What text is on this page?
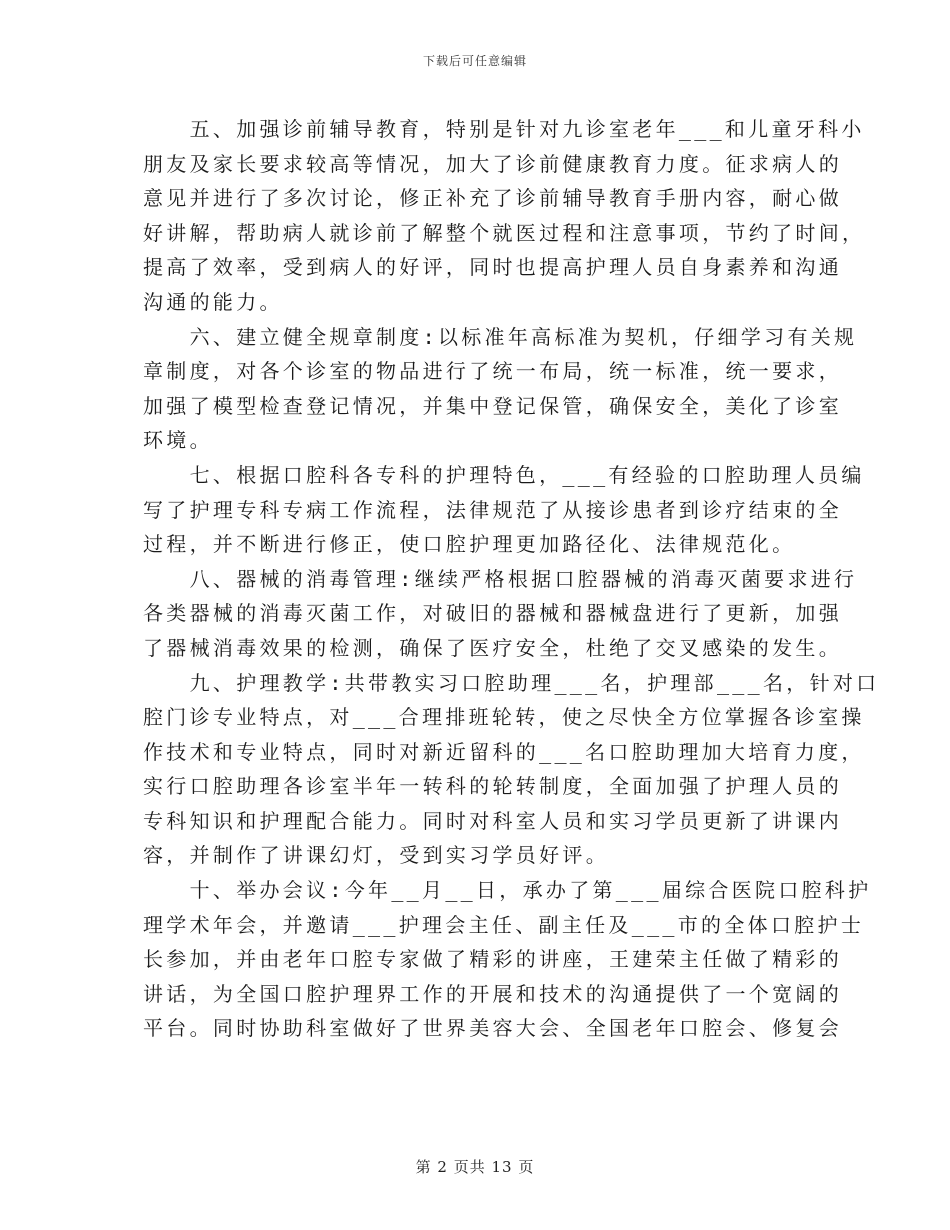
下载后可任意编辑

　　五、加强诊前辅导教育，特别是针对九诊室老年___和儿童牙科小
朋友及家长要求较高等情况，加大了诊前健康教育力度。征求病人的
意见并进行了多次讨论，修正补充了诊前辅导教育手册内容，耐心做
好讲解，帮助病人就诊前了解整个就医过程和注意事项，节约了时间，
提高了效率，受到病人的好评，同时也提高护理人员自身素养和沟通
沟通的能力。

　　六、建立健全规章制度:以标准年高标准为契机，仔细学习有关规
章制度，对各个诊室的物品进行了统一布局，统一标准，统一要求，
加强了模型检查登记情况，并集中登记保管，确保安全，美化了诊室
环境。

　　七、根据口腔科各专科的护理特色，___有经验的口腔助理人员编
写了护理专科专病工作流程，法律规范了从接诊患者到诊疗结束的全
过程，并不断进行修正，使口腔护理更加路径化、法律规范化。

　　八、器械的消毒管理:继续严格根据口腔器械的消毒灭菌要求进行
各类器械的消毒灭菌工作，对破旧的器械和器械盘进行了更新，加强
了器械消毒效果的检测，确保了医疗安全，杜绝了交叉感染的发生。

　　九、护理教学:共带教实习口腔助理___名，护理部___名，针对口
腔门诊专业特点，对___合理排班轮转，使之尽快全方位掌握各诊室操
作技术和专业特点，同时对新近留科的___名口腔助理加大培育力度，
实行口腔助理各诊室半年一转科的轮转制度，全面加强了护理人员的
专科知识和护理配合能力。同时对科室人员和实习学员更新了讲课内
容，并制作了讲课幻灯，受到实习学员好评。

　　十、举办会议:今年__月__日，承办了第___届综合医院口腔科护
理学术年会，并邀请___护理会主任、副主任及___市的全体口腔护士
长参加，并由老年口腔专家做了精彩的讲座，王建荣主任做了精彩的
讲话，为全国口腔护理界工作的开展和技术的沟通提供了一个宽阔的
平台。同时协助科室做好了世界美容大会、全国老年口腔会、修复会

第 2 页共 13 页
